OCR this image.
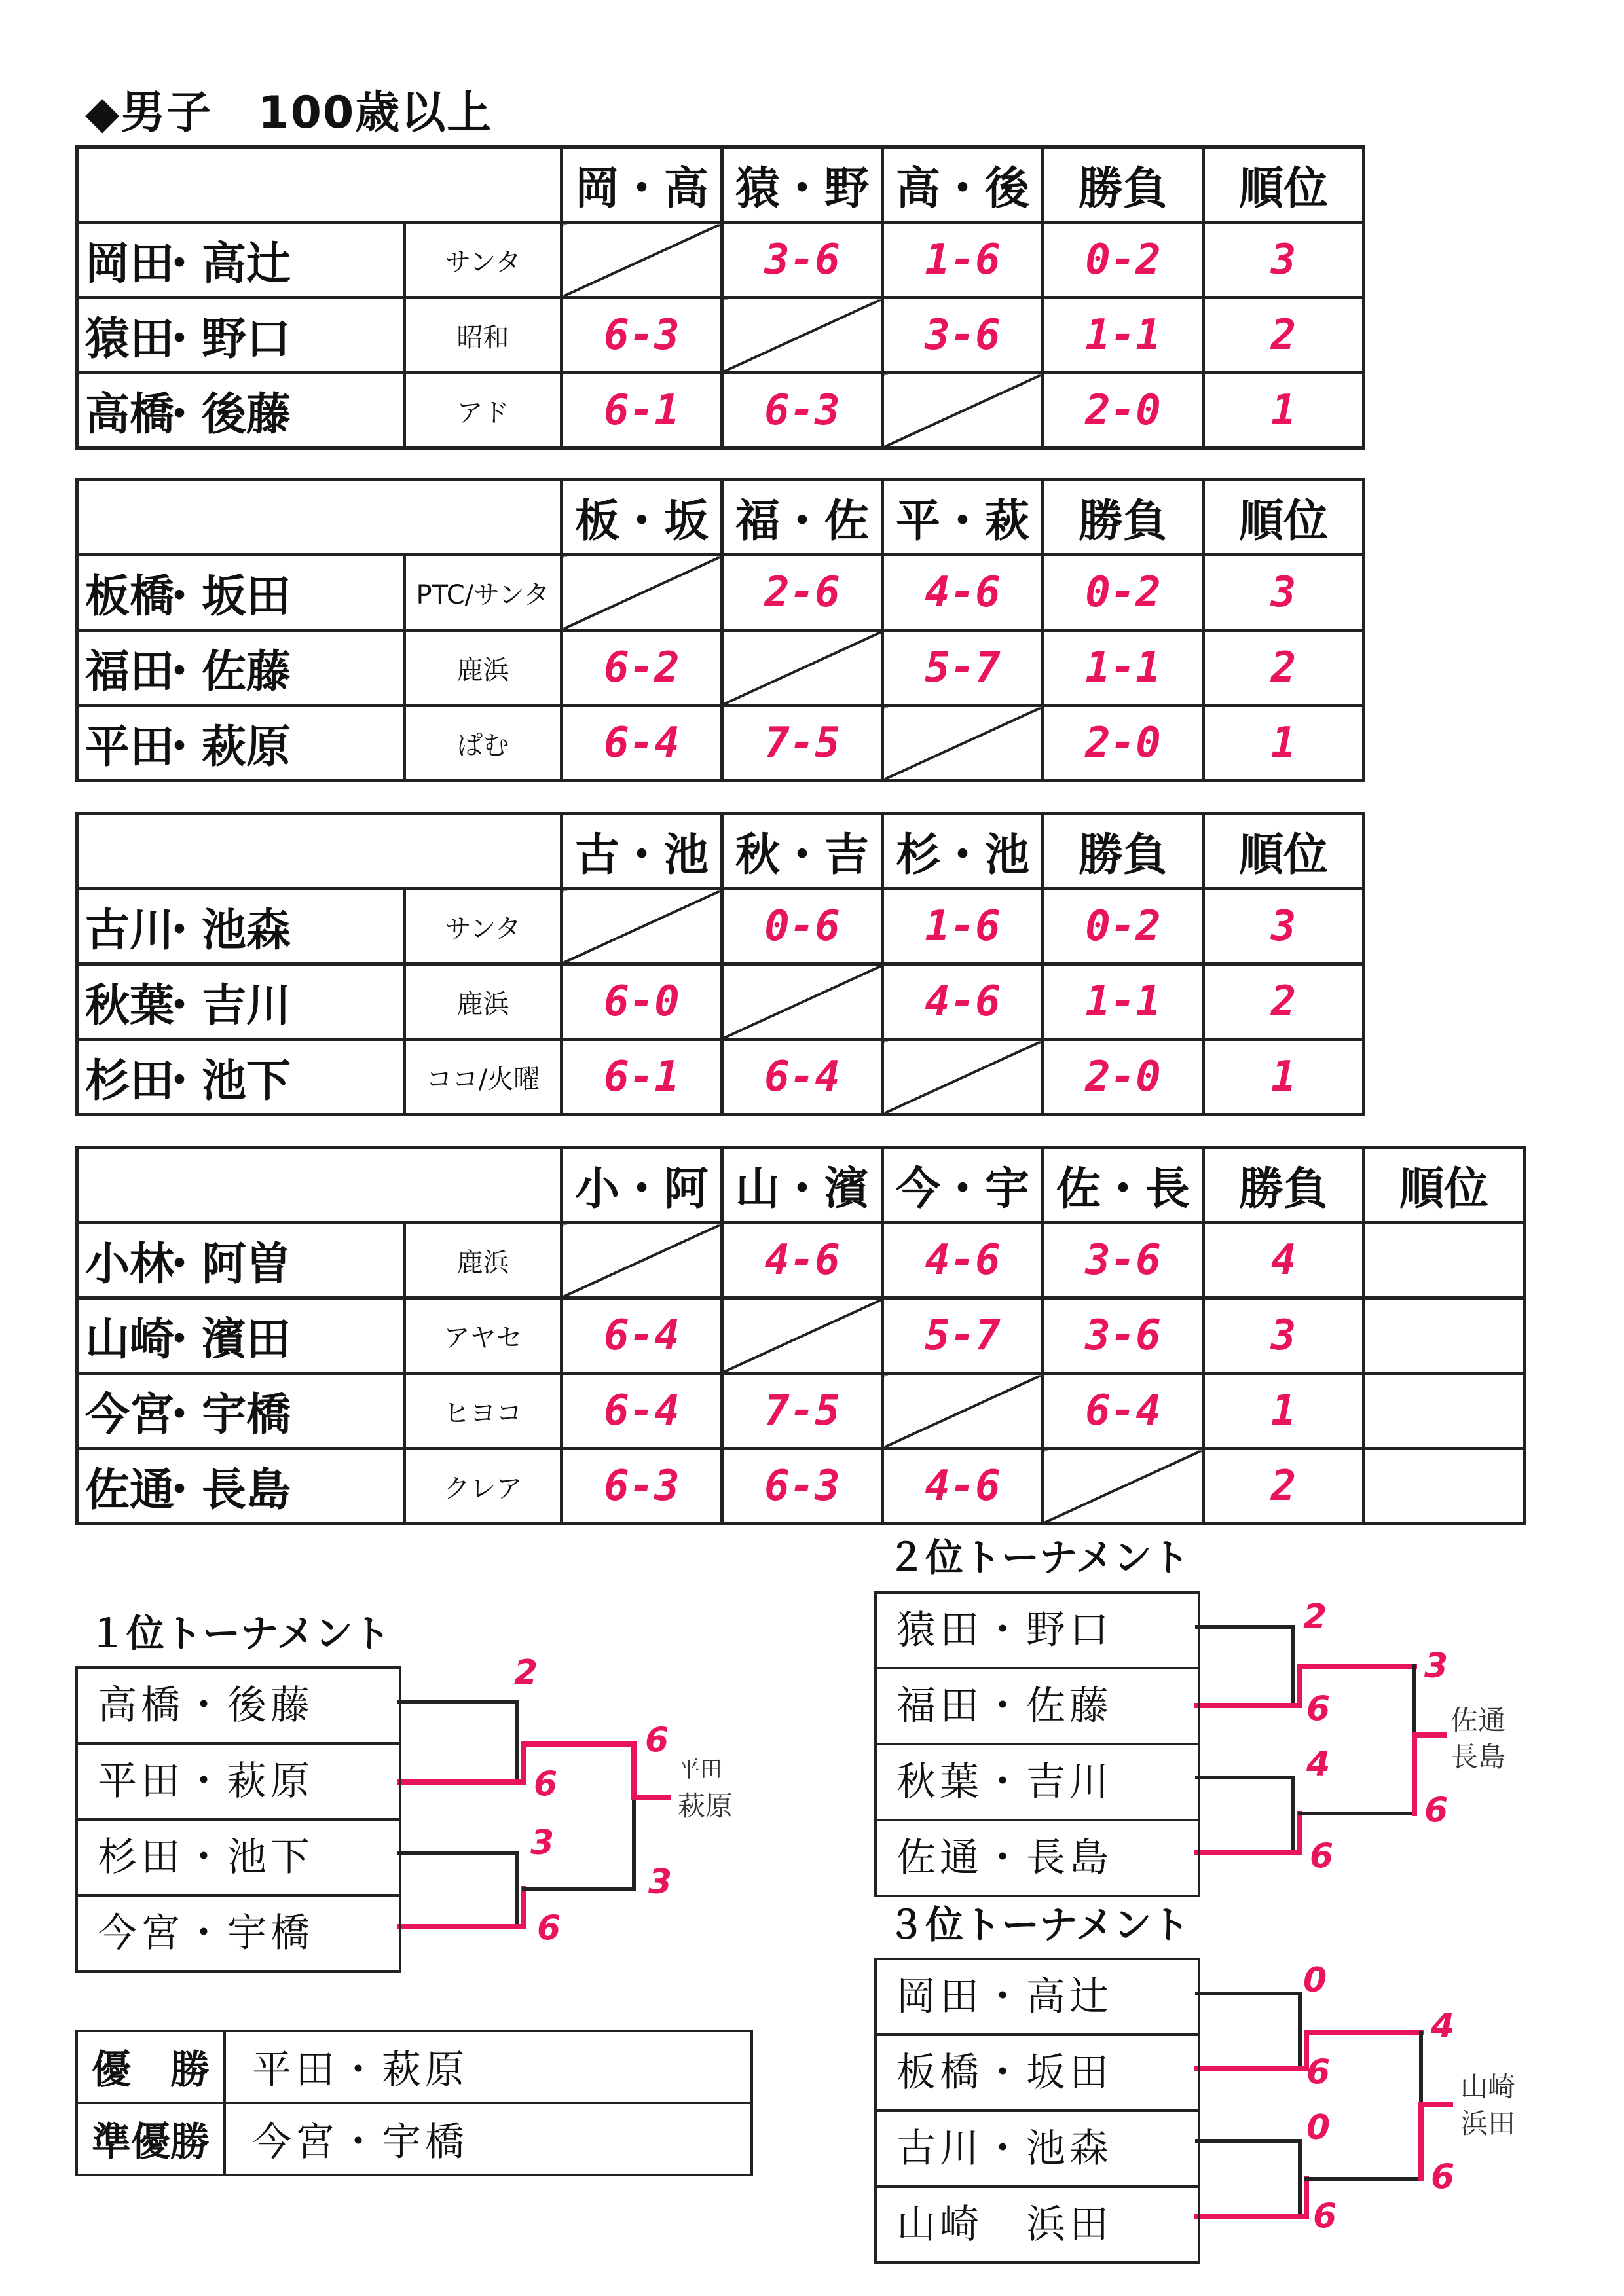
◆男子　100歳以上
		岡・高	猿・野	高・後	勝負	順位
岡田・高辻	サンタ		3-6	1-6	0-2	3
猿田・野口	昭和	6-3		3-6	1-1	2
高橋・後藤	アド	6-1	6-3		2-0	1
		板・坂	福・佐	平・萩	勝負	順位
板橋・坂田	PTC/サンタ		2-6	4-6	0-2	3
福田・佐藤	鹿浜	6-2		5-7	1-1	2
平田・萩原	ぱむ	6-4	7-5		2-0	1
		古・池	秋・吉	杉・池	勝負	順位
古川・池森	サンタ		0-6	1-6	0-2	3
秋葉・吉川	鹿浜	6-0		4-6	1-1	2
杉田・池下	ココ/火曜	6-1	6-4		2-0	1
		小・阿	山・濱	今・宇	佐・長	勝負	順位
小林・阿曽	鹿浜		4-6	4-6	3-6	4	
山崎・濱田	アヤセ	6-4		5-7	3-6	3	
今宮・宇橋	ヒヨコ	6-4	7-5		6-4	1	
佐通・長島	クレア	6-3	6-3	4-6		2	
１位トーナメント
２位トーナメント
３位トーナメント
高橋・後藤
平田・萩原
杉田・池下
今宮・宇橋
2
6
3
6
6
3
平田
萩原
猿田・野口
福田・佐藤
秋葉・吉川
佐通・長島
2
6
4
6
3
6
佐通
長島
岡田・高辻
板橋・坂田
古川・池森
山崎　浜田
0
6
0
6
4
6
山崎
浜田
優　勝	平田・萩原
準優勝	今宮・宇橋
